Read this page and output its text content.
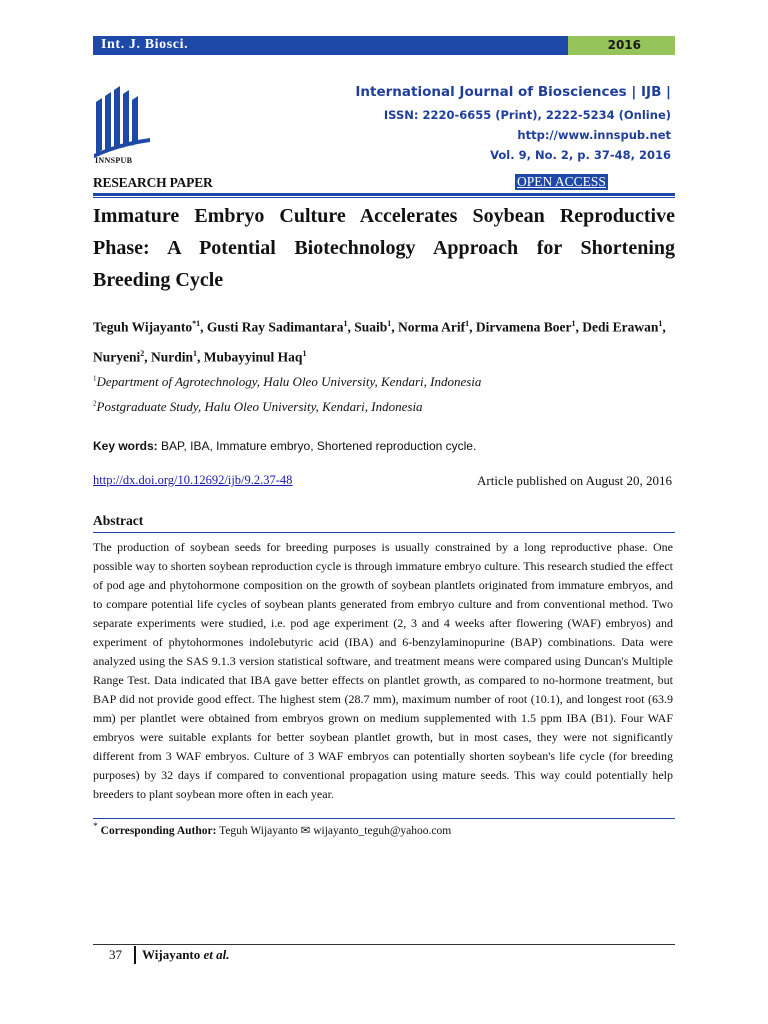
Int. J. Biosci.	2016
INNSPUB
International Journal of Biosciences | IJB |
ISSN: 2220-6655 (Print), 2222-5234 (Online)
http://www.innspub.net
Vol. 9, No. 2, p. 37-48, 2016
RESEARCH PAPER	OPEN ACCESS
Immature Embryo Culture Accelerates Soybean Reproductive Phase: A Potential Biotechnology Approach for Shortening Breeding Cycle
Teguh Wijayanto$^{*1}$, Gusti Ray Sadimantara$^1$, Suaib$^1$, Norma Arif$^1$, Dirvamena Boer$^1$, Dedi Erawan$^1$, Nuryeni$^2$, Nurdin$^1$, Mubayyinul Haq$^1$
$^1$Department of Agrotechnology, Halu Oleo University, Kendari, Indonesia
$^2$Postgraduate Study, Halu Oleo University, Kendari, Indonesia
Key words: BAP, IBA, Immature embryo, Shortened reproduction cycle.
http://dx.doi.org/10.12692/ijb/9.2.37-48	Article published on August 20, 2016
Abstract
The production of soybean seeds for breeding purposes is usually constrained by a long reproductive phase. One possible way to shorten soybean reproduction cycle is through immature embryo culture. This research studied the effect of pod age and phytohormone composition on the growth of soybean plantlets originated from immature embryos, and to compare potential life cycles of soybean plants generated from embryo culture and from conventional method. Two separate experiments were studied, i.e. pod age experiment (2, 3 and 4 weeks after flowering (WAF) embryos) and experiment of phytohormones indolebutyric acid (IBA) and 6-benzylaminopurine (BAP) combinations. Data were analyzed using the SAS 9.1.3 version statistical software, and treatment means were compared using Duncan's Multiple Range Test. Data indicated that IBA gave better effects on plantlet growth, as compared to no-hormone treatment, but BAP did not provide good effect. The highest stem (28.7 mm), maximum number of root (10.1), and longest root (63.9 mm) per plantlet were obtained from embryos grown on medium supplemented with 1.5 ppm IBA (B1). Four WAF embryos were suitable explants for better soybean plantlet growth, but in most cases, they were not significantly different from 3 WAF embryos. Culture of 3 WAF embryos can potentially shorten soybean's life cycle (for breeding purposes) by 32 days if compared to conventional propagation using mature seeds. This way could potentially help breeders to plant soybean more often in each year.
* Corresponding Author: Teguh Wijayanto ✉ wijayanto_teguh@yahoo.com
37 Wijayanto et al.
